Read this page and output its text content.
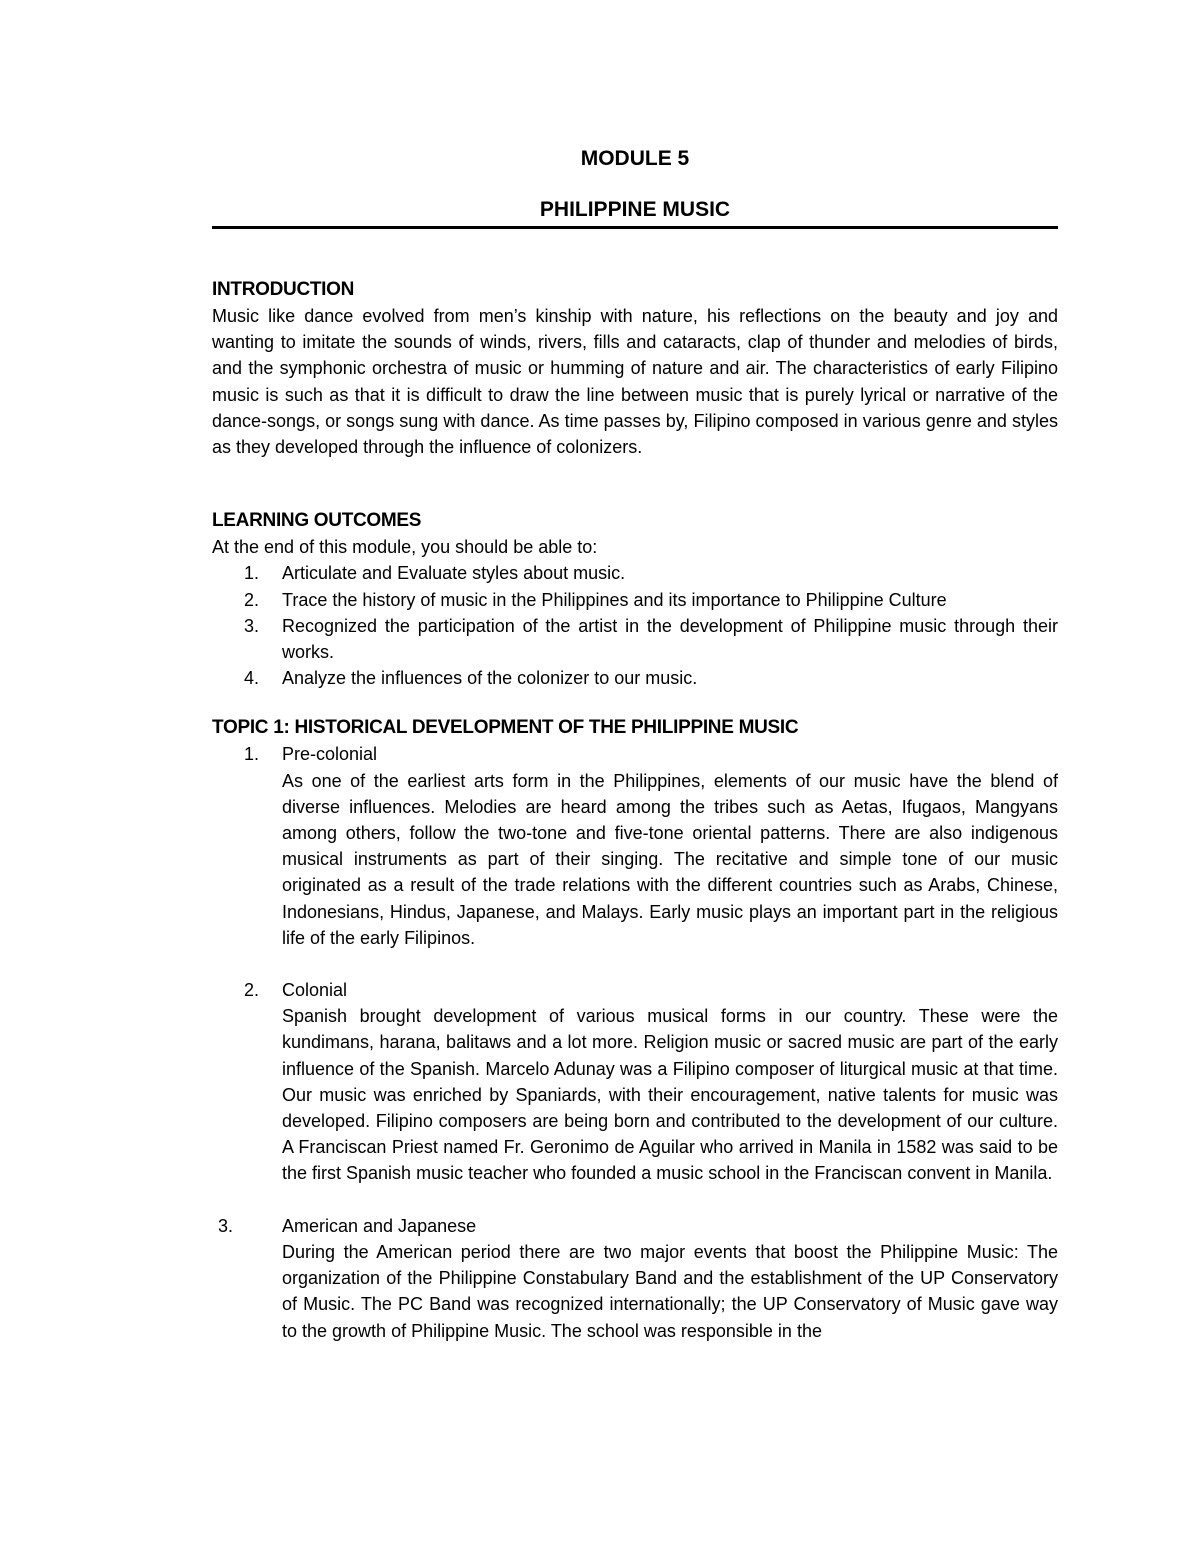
MODULE 5
PHILIPPINE MUSIC
INTRODUCTION

Music like dance evolved from men’s kinship with nature, his reflections on the beauty and joy and wanting to imitate the sounds of winds, rivers, fills and cataracts, clap of thunder and melodies of birds, and the symphonic orchestra of music or humming of nature and air. The characteristics of early Filipino music is such as that it is difficult to draw the line between music that is purely lyrical or narrative of the dance-songs, or songs sung with dance. As time passes by, Filipino composed in various genre and styles as they developed through the influence of colonizers.

LEARNING OUTCOMES

At the end of this module, you should be able to:

1. Articulate and Evaluate styles about music.
2. Trace the history of music in the Philippines and its importance to Philippine Culture
3. Recognized the participation of the artist in the development of Philippine music through their works.
4. Analyze the influences of the colonizer to our music.
TOPIC 1: HISTORICAL DEVELOPMENT OF THE PHILIPPINE MUSIC
1. Pre-colonial

As one of the earliest arts form in the Philippines, elements of our music have the blend of diverse influences. Melodies are heard among the tribes such as Aetas, Ifugaos, Mangyans among others, follow the two-tone and five-tone oriental patterns. There are also indigenous musical instruments as part of their singing. The recitative and simple tone of our music originated as a result of the trade relations with the different countries such as Arabs, Chinese, Indonesians, Hindus, Japanese, and Malays. Early music plays an important part in the religious life of the early Filipinos.

2. Colonial

Spanish brought development of various musical forms in our country. These were the kundimans, harana, balitaws and a lot more. Religion music or sacred music are part of the early influence of the Spanish. Marcelo Adunay was a Filipino composer of liturgical music at that time. Our music was enriched by Spaniards, with their encouragement, native talents for music was developed. Filipino composers are being born and contributed to the development of our culture. A Franciscan Priest named Fr. Geronimo de Aguilar who arrived in Manila in 1582 was said to be the first Spanish music teacher who founded a music school in the Franciscan convent in Manila.

3.	American and Japanese

During the American period there are two major events that boost the Philippine Music: The organization of the Philippine Constabulary Band and the establishment of the UP Conservatory of Music. The PC Band was recognized internationally; the UP Conservatory of Music gave way to the growth of Philippine Music. The school was responsible in the
